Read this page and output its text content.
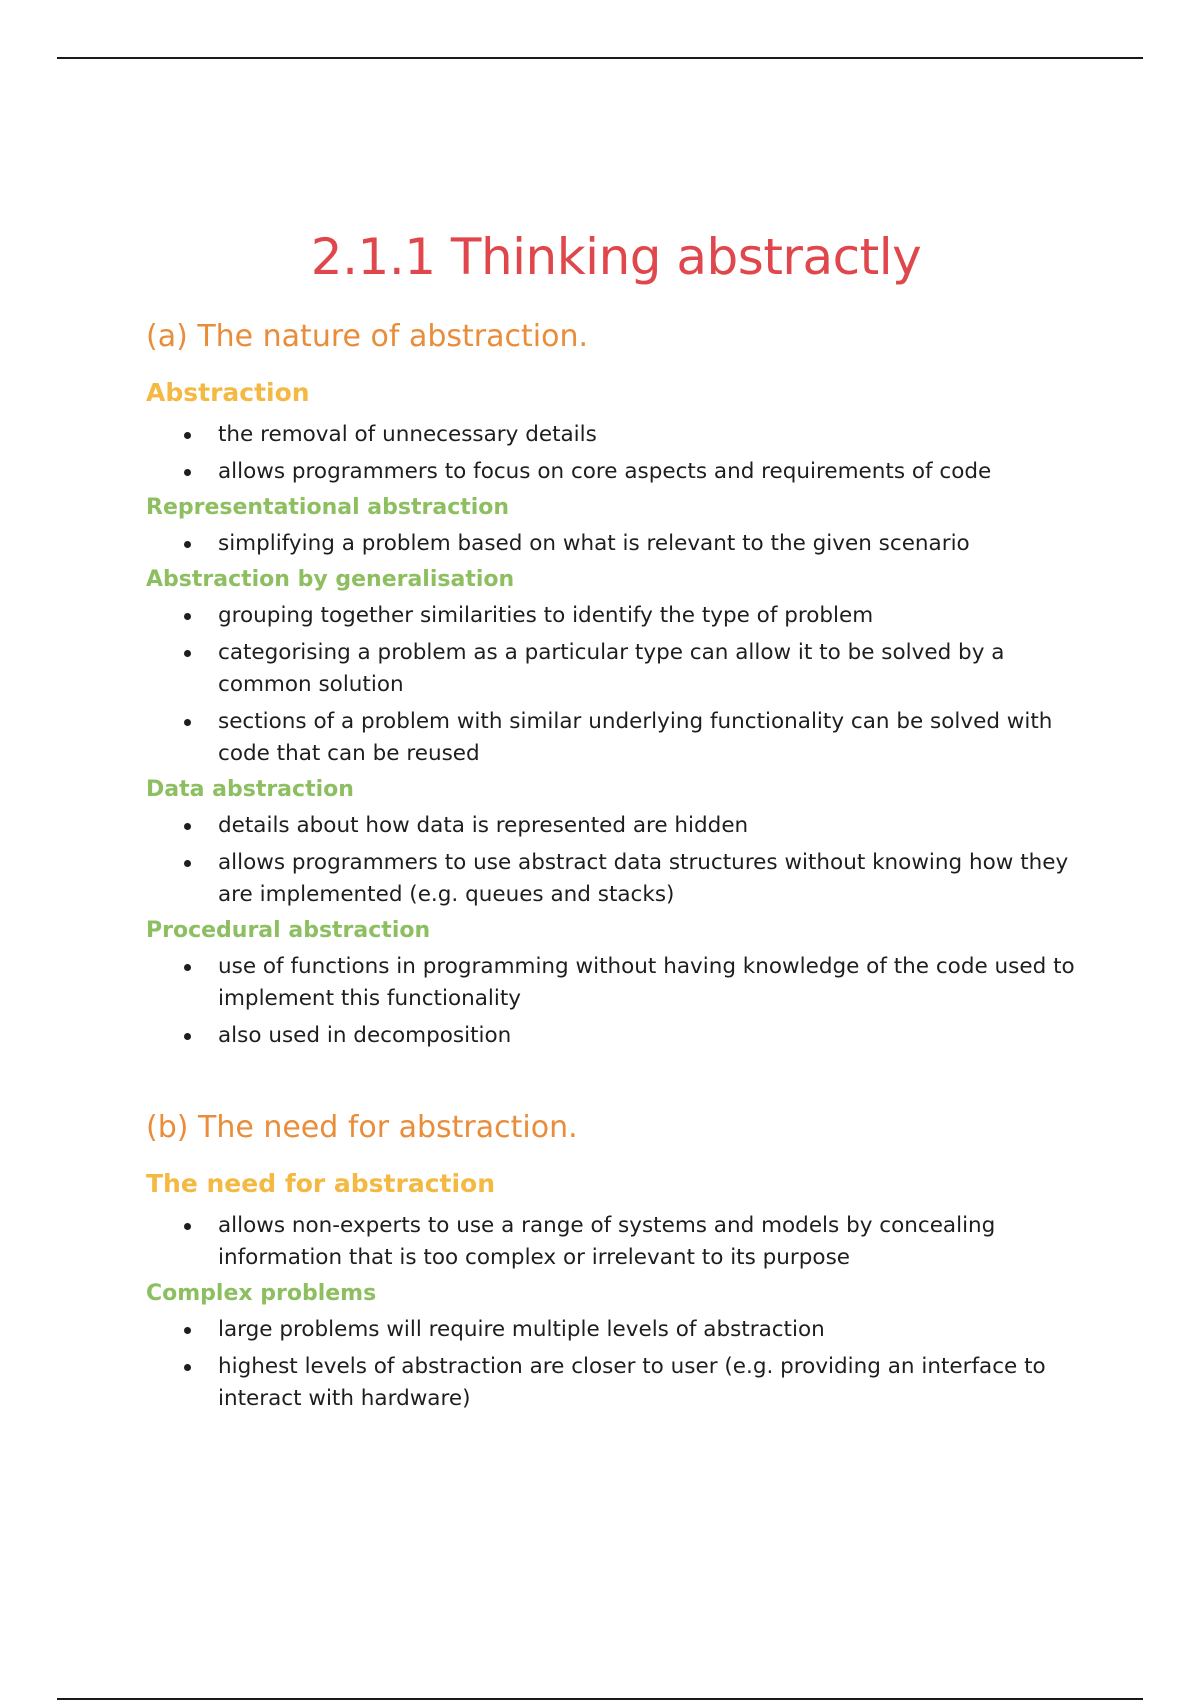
2.1.1 Thinking abstractly
(a) The nature of abstraction.
Abstraction
the removal of unnecessary details
allows programmers to focus on core aspects and requirements of code
Representational abstraction
simplifying a problem based on what is relevant to the given scenario
Abstraction by generalisation
grouping together similarities to identify the type of problem
categorising a problem as a particular type can allow it to be solved by a common solution
sections of a problem with similar underlying functionality can be solved with code that can be reused
Data abstraction
details about how data is represented are hidden
allows programmers to use abstract data structures without knowing how they are implemented (e.g. queues and stacks)
Procedural abstraction
use of functions in programming without having knowledge of the code used to implement this functionality
also used in decomposition
(b) The need for abstraction.
The need for abstraction
allows non-experts to use a range of systems and models by concealing information that is too complex or irrelevant to its purpose
Complex problems
large problems will require multiple levels of abstraction
highest levels of abstraction are closer to user (e.g. providing an interface to interact with hardware)
